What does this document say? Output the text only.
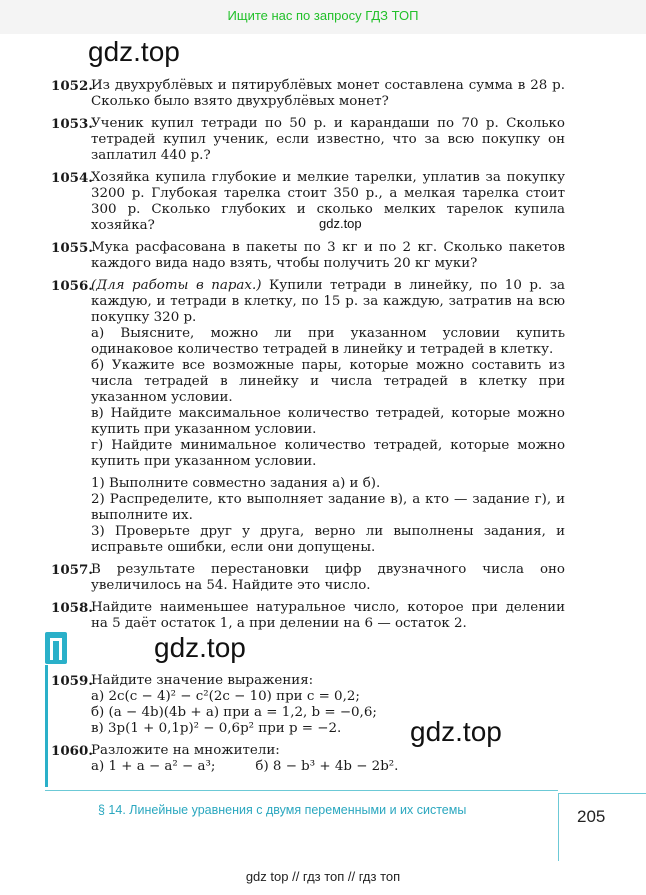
Ищите нас по запросу ГДЗ ТОП
gdz.top
gdz.top
gdz.top
gdz.top
1052.
Из двухрублёвых и пятирублёвых монет составлена сумма в 28 р. Сколько было взято двухрублёвых монет?
1053.
Ученик купил тетради по 50 р. и карандаши по 70 р. Сколько тетрадей купил ученик, если известно, что за всю покупку он заплатил 440 р.?
1054.
Хозяйка купила глубокие и мелкие тарелки, уплатив за покупку 3200 р. Глубокая тарелка стоит 350 р., а мелкая тарелка стоит 300 р. Сколько глубоких и сколько мелких тарелок купила хозяйка?
1055.
Мука расфасована в пакеты по 3 кг и по 2 кг. Сколько пакетов каждого вида надо взять, чтобы получить 20 кг муки?
1056.
(Для работы в парах.) Купили тетради в линейку, по 10 р. за каждую, и тетради в клетку, по 15 р. за каждую, затратив на всю покупку 320 р.

а) Выясните, можно ли при указанном условии купить одинаковое количество тетрадей в линейку и тетрадей в клетку.

б) Укажите все возможные пары, которые можно составить из числа тетрадей в линейку и числа тетрадей в клетку при указанном условии.

в) Найдите максимальное количество тетрадей, которые можно купить при указанном условии.

г) Найдите минимальное количество тетрадей, которые можно купить при указанном условии.

1) Выполните совместно задания а) и б).

2) Распределите, кто выполняет задание в), а кто — задание г), и выполните их.

3) Проверьте друг у друга, верно ли выполнены задания, и исправьте ошибки, если они допущены.

1057.
В результате перестановки цифр двузначного числа оно увеличилось на 54. Найдите это число.
1058.
Найдите наименьшее натуральное число, которое при делении на 5 даёт остаток 1, а при делении на 6 — остаток 2.
1059.
Найдите значение выражения:

а) 2c(c − 4)² − c²(2c − 10) при c = 0,2;

б) (a − 4b)(4b + a) при a = 1,2, b = −0,6;

в) 3p(1 + 0,1p)² − 0,6p² при p = −2.

1060.
Разложите на множители:

а) 1 + a − a² − a³;	б) 8 − b³ + 4b − 2b².

§ 14. Линейные уравнения с двумя переменными и их системы	205
gdz top // гдз топ // гдз топ
